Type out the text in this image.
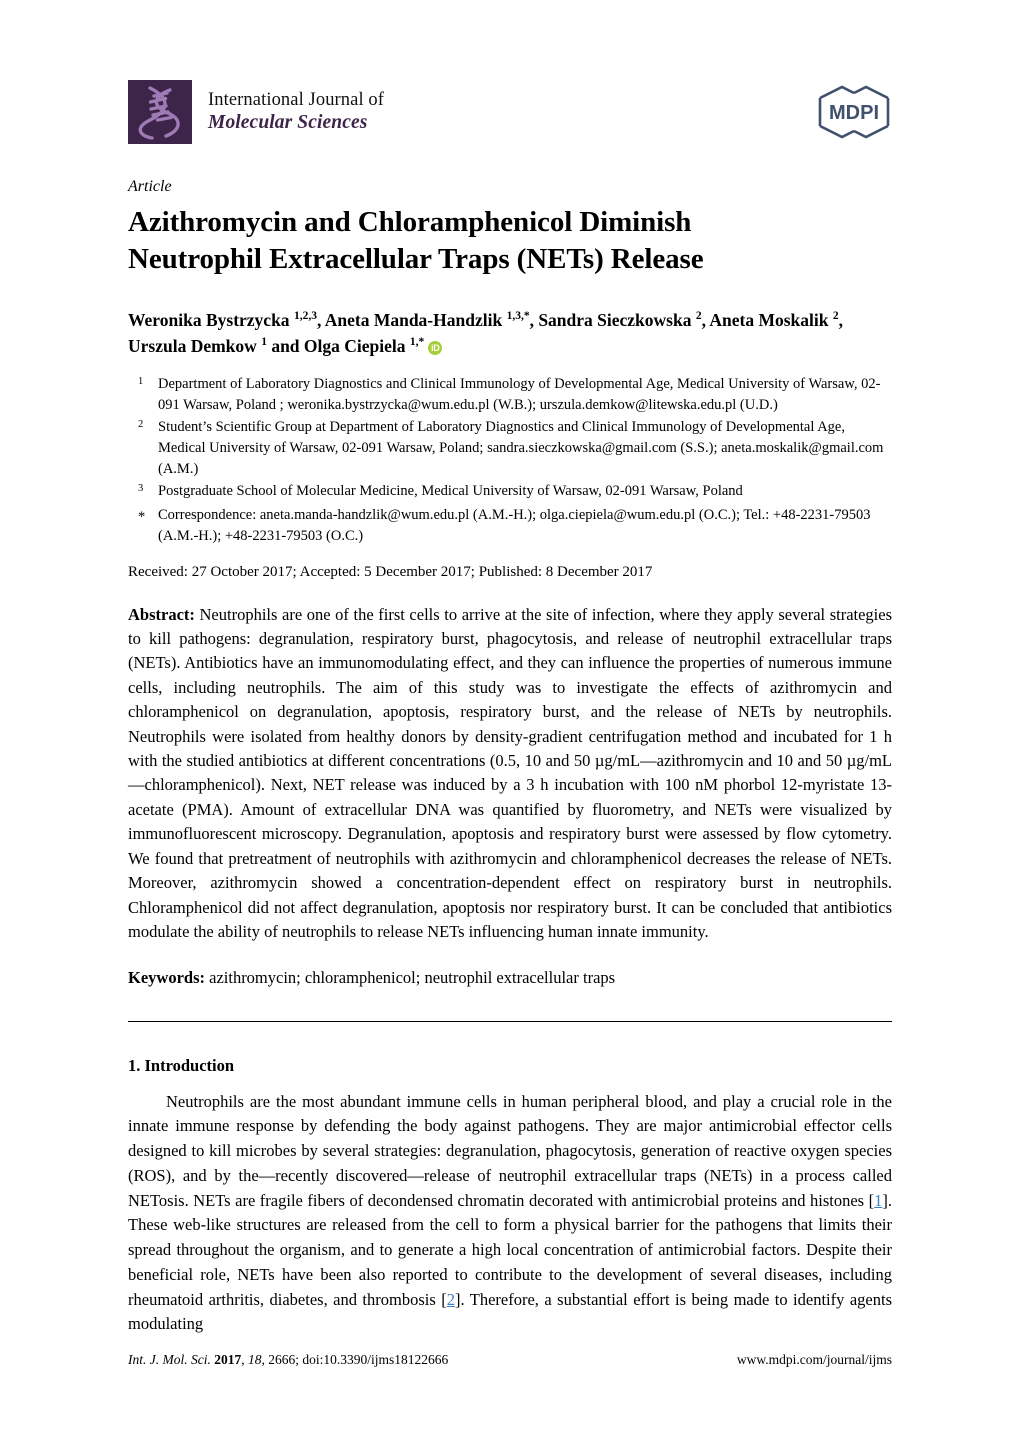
International Journal of
Molecular Sciences	MDPI
Article
Azithromycin and Chloramphenicol Diminish
Neutrophil Extracellular Traps (NETs) Release
Weronika Bystrzycka $^{1,2,3}$, Aneta Manda-Handzlik $^{1,3,*}$, Sandra Sieczkowska $^2$, Aneta Moskalik $^2$,
Urszula Demkow $^1$ and Olga Ciepiela $^{1,*}$ iD
$^1$	Department of Laboratory Diagnostics and Clinical Immunology of Developmental Age, Medical University of Warsaw, 02-091 Warsaw, Poland ; weronika.bystrzycka@wum.edu.pl (W.B.); urszula.demkow@litewska.edu.pl (U.D.)
$^2$	Student’s Scientific Group at Department of Laboratory Diagnostics and Clinical Immunology of Developmental Age, Medical University of Warsaw, 02-091 Warsaw, Poland; sandra.sieczkowska@gmail.com (S.S.); aneta.moskalik@gmail.com (A.M.)
$^3$	Postgraduate School of Molecular Medicine, Medical University of Warsaw, 02-091 Warsaw, Poland
* Correspondence: aneta.manda-handzlik@wum.edu.pl (A.M.-H.); olga.ciepiela@wum.edu.pl (O.C.); Tel.: +48-2231-79503 (A.M.-H.); +48-2231-79503 (O.C.)
Received: 27 October 2017; Accepted: 5 December 2017; Published: 8 December 2017
Abstract: Neutrophils are one of the first cells to arrive at the site of infection, where they apply several strategies to kill pathogens: degranulation, respiratory burst, phagocytosis, and release of neutrophil extracellular traps (NETs). Antibiotics have an immunomodulating effect, and they can influence the properties of numerous immune cells, including neutrophils. The aim of this study was to investigate the effects of azithromycin and chloramphenicol on degranulation, apoptosis, respiratory burst, and the release of NETs by neutrophils. Neutrophils were isolated from healthy donors by density-gradient centrifugation method and incubated for 1 h with the studied antibiotics at different concentrations (0.5, 10 and 50 µg/mL—azithromycin and 10 and 50 µg/mL—chloramphenicol). Next, NET release was induced by a 3 h incubation with 100 nM phorbol 12-myristate 13-acetate (PMA). Amount of extracellular DNA was quantified by fluorometry, and NETs were visualized by immunofluorescent microscopy. Degranulation, apoptosis and respiratory burst were assessed by flow cytometry. We found that pretreatment of neutrophils with azithromycin and chloramphenicol decreases the release of NETs. Moreover, azithromycin showed a concentration-dependent effect on respiratory burst in neutrophils. Chloramphenicol did not affect degranulation, apoptosis nor respiratory burst. It can be concluded that antibiotics modulate the ability of neutrophils to release NETs influencing human innate immunity.
Keywords: azithromycin; chloramphenicol; neutrophil extracellular traps
1. Introduction

Neutrophils are the most abundant immune cells in human peripheral blood, and play a crucial role in the innate immune response by defending the body against pathogens. They are major antimicrobial effector cells designed to kill microbes by several strategies: degranulation, phagocytosis, generation of reactive oxygen species (ROS), and by the—recently discovered—release of neutrophil extracellular traps (NETs) in a process called NETosis. NETs are fragile fibers of decondensed chromatin decorated with antimicrobial proteins and histones [1]. These web-like structures are released from the cell to form a physical barrier for the pathogens that limits their spread throughout the organism, and to generate a high local concentration of antimicrobial factors. Despite their beneficial role, NETs have been also reported to contribute to the development of several diseases, including rheumatoid arthritis, diabetes, and thrombosis [2]. Therefore, a substantial effort is being made to identify agents modulating

Int. J. Mol. Sci. 2017, 18, 2666; doi:10.3390/ijms18122666	www.mdpi.com/journal/ijms
